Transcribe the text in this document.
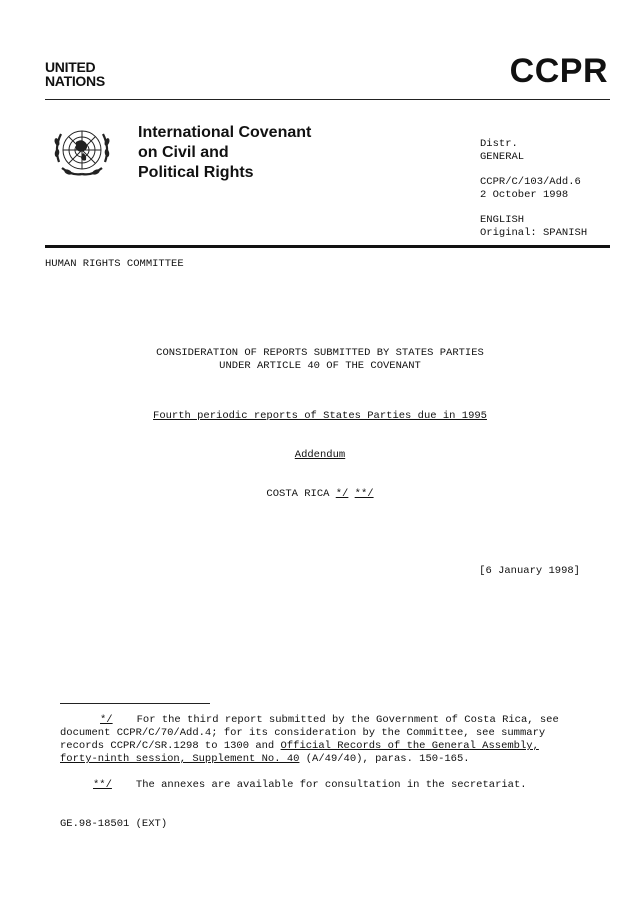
UNITED
NATIONS	CCPR
International Covenant
on Civil and
Political Rights
Distr.
GENERAL
CCPR/C/103/Add.6
2 October 1998
ENGLISH
Original: SPANISH
HUMAN RIGHTS COMMITTEE
CONSIDERATION OF REPORTS SUBMITTED BY STATES PARTIES
UNDER ARTICLE 40 OF THE COVENANT
Fourth periodic reports of States Parties due in 1995
Addendum
COSTA RICA */ **/
[6 January 1998]
*/ For the third report submitted by the Government of Costa Rica, see document CCPR/C/70/Add.4; for its consideration by the Committee, see summary records CCPR/C/SR.1298 to 1300 and Official Records of the General Assembly, forty-ninth session, Supplement No. 40 (A/49/40), paras. 150-165.
**/ The annexes are available for consultation in the secretariat.
GE.98-18501 (EXT)
